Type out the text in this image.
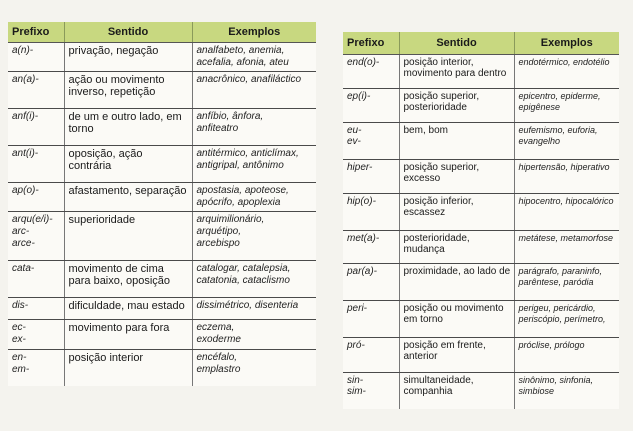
Prefixo	Sentido	Exemplos

a(n)-	privação, negação	analfabeto, anemia,
acefalia, afonia, ateu

an(a)-	ação ou movimento
inverso, repetição	anacrônico, anafiláctico

anf(i)-	de um e outro lado, em
torno	anfíbio, ânfora,
anfiteatro

ant(i)-	oposição, ação
contrária	antitérmico, anticlímax,
antigripal, antônimo

ap(o)-	afastamento, separação	apostasia, apoteose,
apócrifo, apoplexia

arqu(e/i)-
arc-
arce-	superioridade	arquimilionário,
arquétipo,
arcebispo

cata-	movimento de cima
para baixo, oposição	catalogar, catalepsia,
catatonia, cataclismo

dis-	dificuldade, mau estado	dissimétrico, disenteria

ec-
ex-	movimento para fora	eczema,
exoderme

en-
em-	posição interior	encéfalo,
emplastro
Prefixo	Sentido	Exemplos

end(o)-	posição interior,
movimento para dentro	endotérmico, endotélio

ep(i)-	posição superior,
posterioridade	epicentro, epiderme,
epigênese

eu-
ev-	bem, bom	eufemismo, euforia,
evangelho

hiper-	posição superior,
excesso	hipertensão, hiperativo

hip(o)-	posição inferior,
escassez	hipocentro, hipocalórico

met(a)-	posterioridade,
mudança	metátese, metamorfose

par(a)-	proximidade, ao lado de	parágrafo, paraninfo,
parêntese, paródia

peri-	posição ou movimento
em torno	perigeu, pericárdio,
periscópio, perímetro,

pró-	posição em frente,
anterior	próclise, prólogo

sin-
sim-	simultaneidade,
companhia	sinônimo, sinfonia,
simbiose
